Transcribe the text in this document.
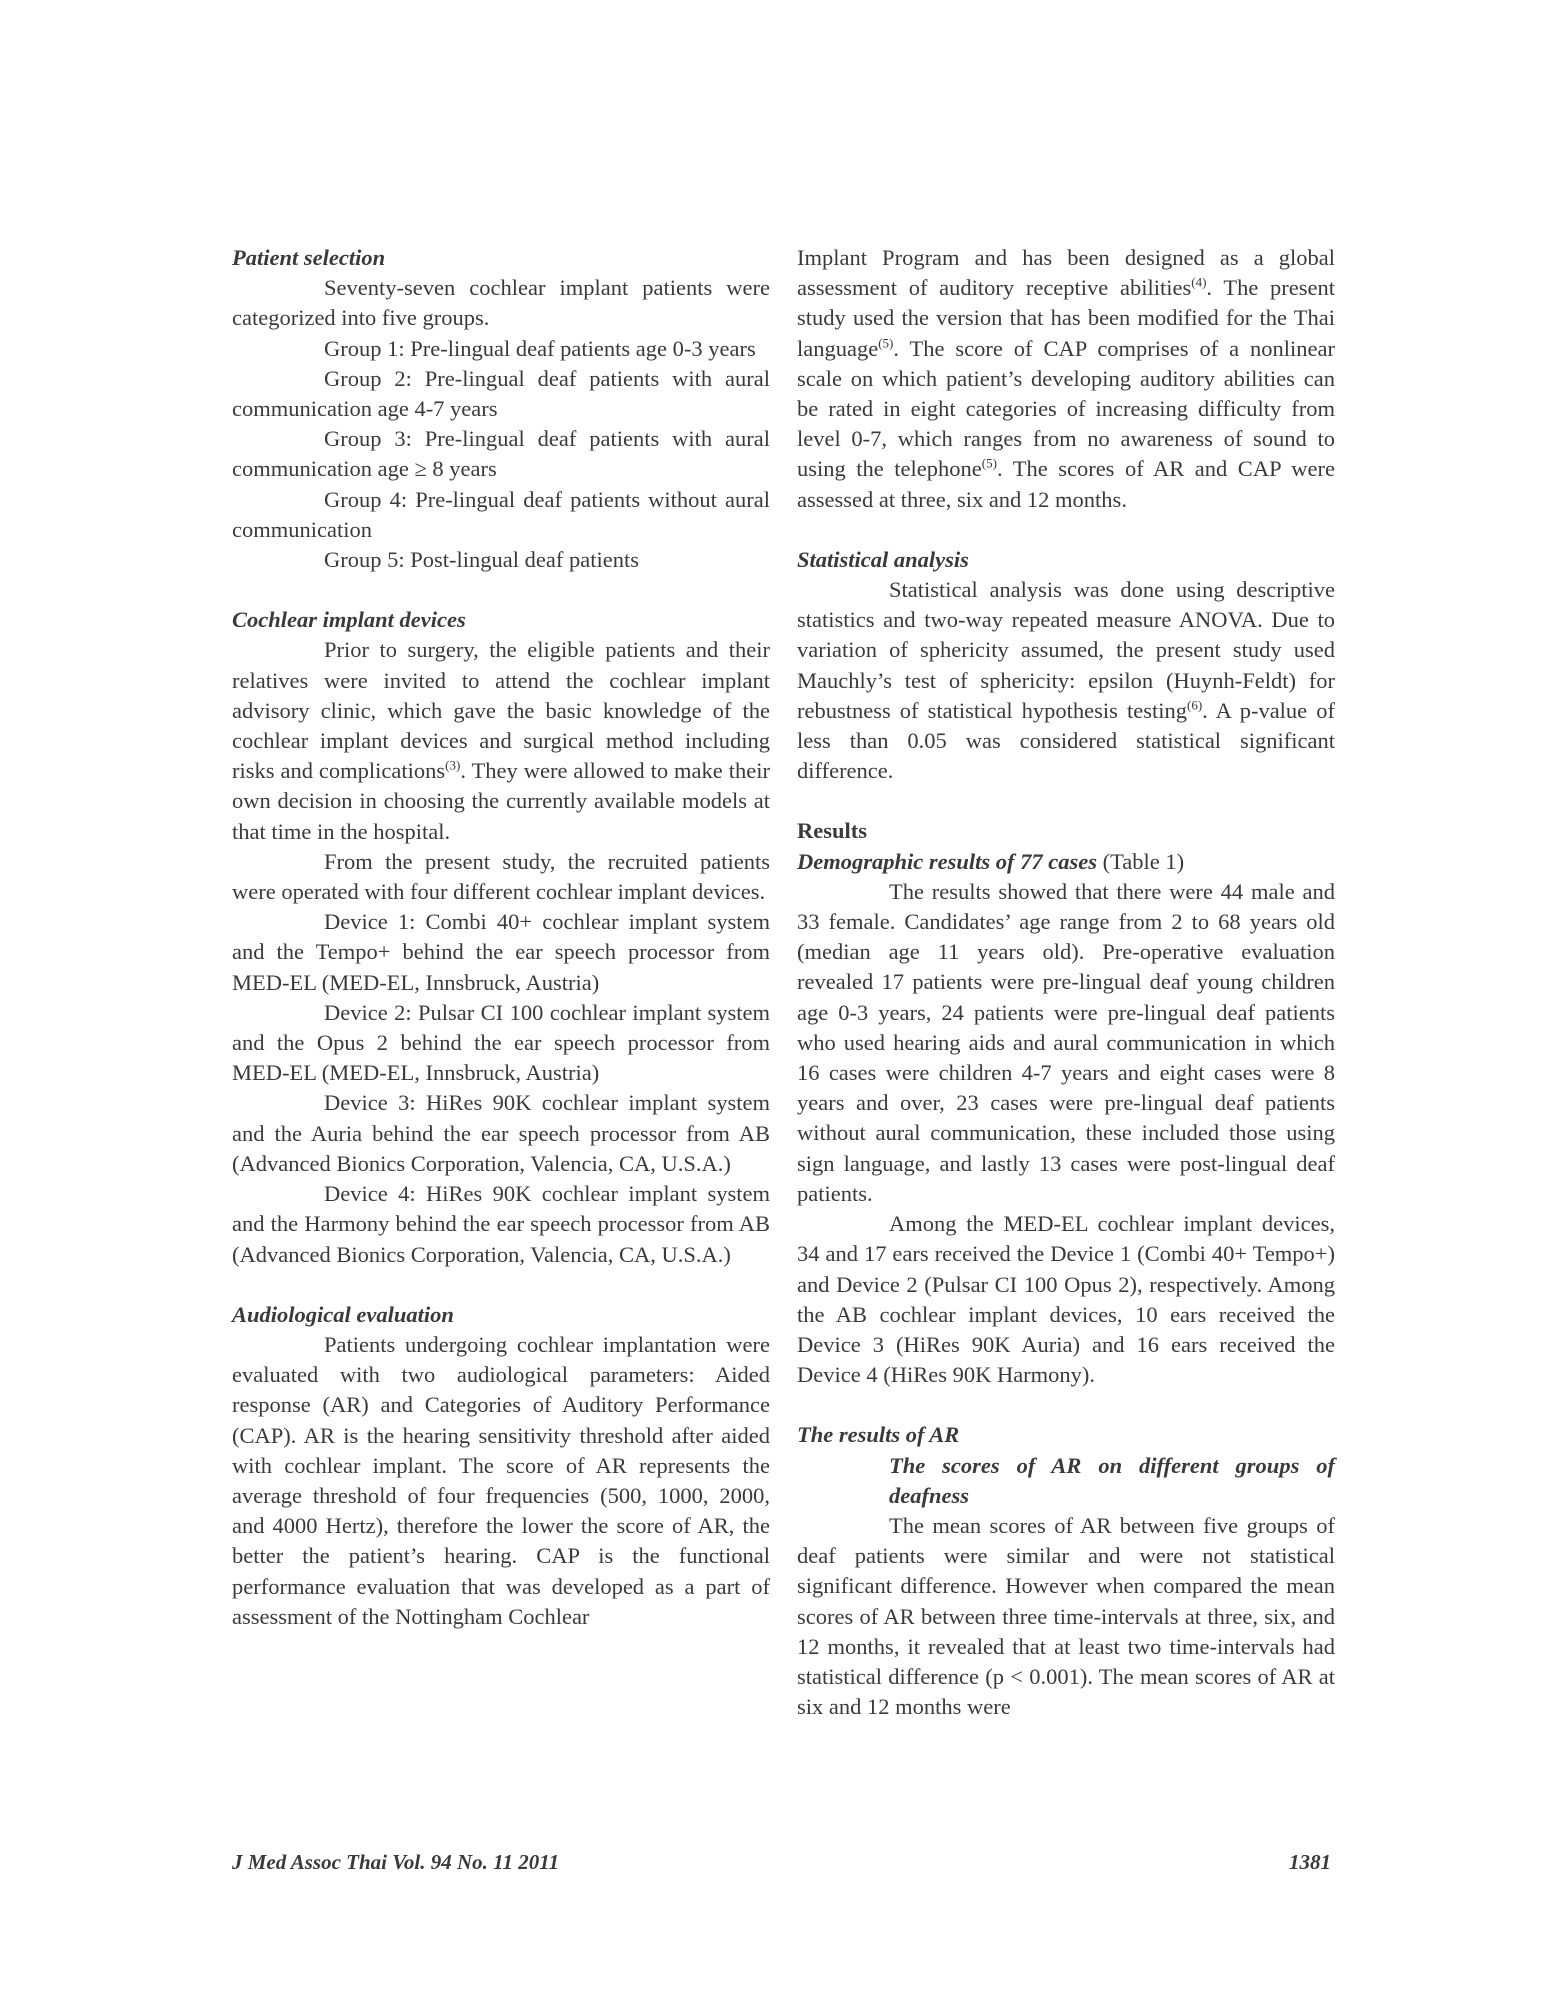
Patient selection

Seventy-seven cochlear implant patients were categorized into five groups.

Group 1: Pre-lingual deaf patients age 0-3 years

Group 2: Pre-lingual deaf patients with aural communication age 4-7 years

Group 3: Pre-lingual deaf patients with aural communication age ≥ 8 years

Group 4: Pre-lingual deaf patients without aural communication

Group 5: Post-lingual deaf patients

Cochlear implant devices

Prior to surgery, the eligible patients and their relatives were invited to attend the cochlear implant advisory clinic, which gave the basic knowledge of the cochlear implant devices and surgical method including risks and complications$^{(3)}$. They were allowed to make their own decision in choosing the currently available models at that time in the hospital.

From the present study, the recruited patients were operated with four different cochlear implant devices.

Device 1: Combi 40+ cochlear implant system and the Tempo+ behind the ear speech processor from MED-EL (MED-EL, Innsbruck, Austria)

Device 2: Pulsar CI 100 cochlear implant system and the Opus 2 behind the ear speech processor from MED-EL (MED-EL, Innsbruck, Austria)

Device 3: HiRes 90K cochlear implant system and the Auria behind the ear speech processor from AB (Advanced Bionics Corporation, Valencia, CA, U.S.A.)

Device 4: HiRes 90K cochlear implant system and the Harmony behind the ear speech processor from AB (Advanced Bionics Corporation, Valencia, CA, U.S.A.)

Audiological evaluation

Patients undergoing cochlear implantation were evaluated with two audiological parameters: Aided response (AR) and Categories of Auditory Performance (CAP). AR is the hearing sensitivity threshold after aided with cochlear implant. The score of AR represents the average threshold of four frequencies (500, 1000, 2000, and 4000 Hertz), therefore the lower the score of AR, the better the patient’s hearing. CAP is the functional performance evaluation that was developed as a part of assessment of the Nottingham Cochlear

Implant Program and has been designed as a global assessment of auditory receptive abilities$^{(4)}$. The present study used the version that has been modified for the Thai language$^{(5)}$. The score of CAP comprises of a nonlinear scale on which patient’s developing auditory abilities can be rated in eight categories of increasing difficulty from level 0-7, which ranges from no awareness of sound to using the telephone$^{(5)}$. The scores of AR and CAP were assessed at three, six and 12 months.

Statistical analysis

Statistical analysis was done using descriptive statistics and two-way repeated measure ANOVA. Due to variation of sphericity assumed, the present study used Mauchly’s test of sphericity: epsilon (Huynh-Feldt) for rebustness of statistical hypothesis testing$^{(6)}$. A p-value of less than 0.05 was considered statistical significant difference.

Results

Demographic results of 77 cases (Table 1)

The results showed that there were 44 male and 33 female. Candidates’ age range from 2 to 68 years old (median age 11 years old). Pre-operative evaluation revealed 17 patients were pre-lingual deaf young children age 0-3 years, 24 patients were pre-lingual deaf patients who used hearing aids and aural communication in which 16 cases were children 4-7 years and eight cases were 8 years and over, 23 cases were pre-lingual deaf patients without aural communication, these included those using sign language, and lastly 13 cases were post-lingual deaf patients.

Among the MED-EL cochlear implant devices, 34 and 17 ears received the Device 1 (Combi 40+ Tempo+) and Device 2 (Pulsar CI 100 Opus 2), respectively. Among the AB cochlear implant devices, 10 ears received the Device 3 (HiRes 90K Auria) and 16 ears received the Device 4 (HiRes 90K Harmony).

The results of AR

The scores of AR on different groups of deafness

The mean scores of AR between five groups of deaf patients were similar and were not statistical significant difference. However when compared the mean scores of AR between three time-intervals at three, six, and 12 months, it revealed that at least two time-intervals had statistical difference (p < 0.001). The mean scores of AR at six and 12 months were

J Med Assoc Thai Vol. 94 No. 11 2011	1381
